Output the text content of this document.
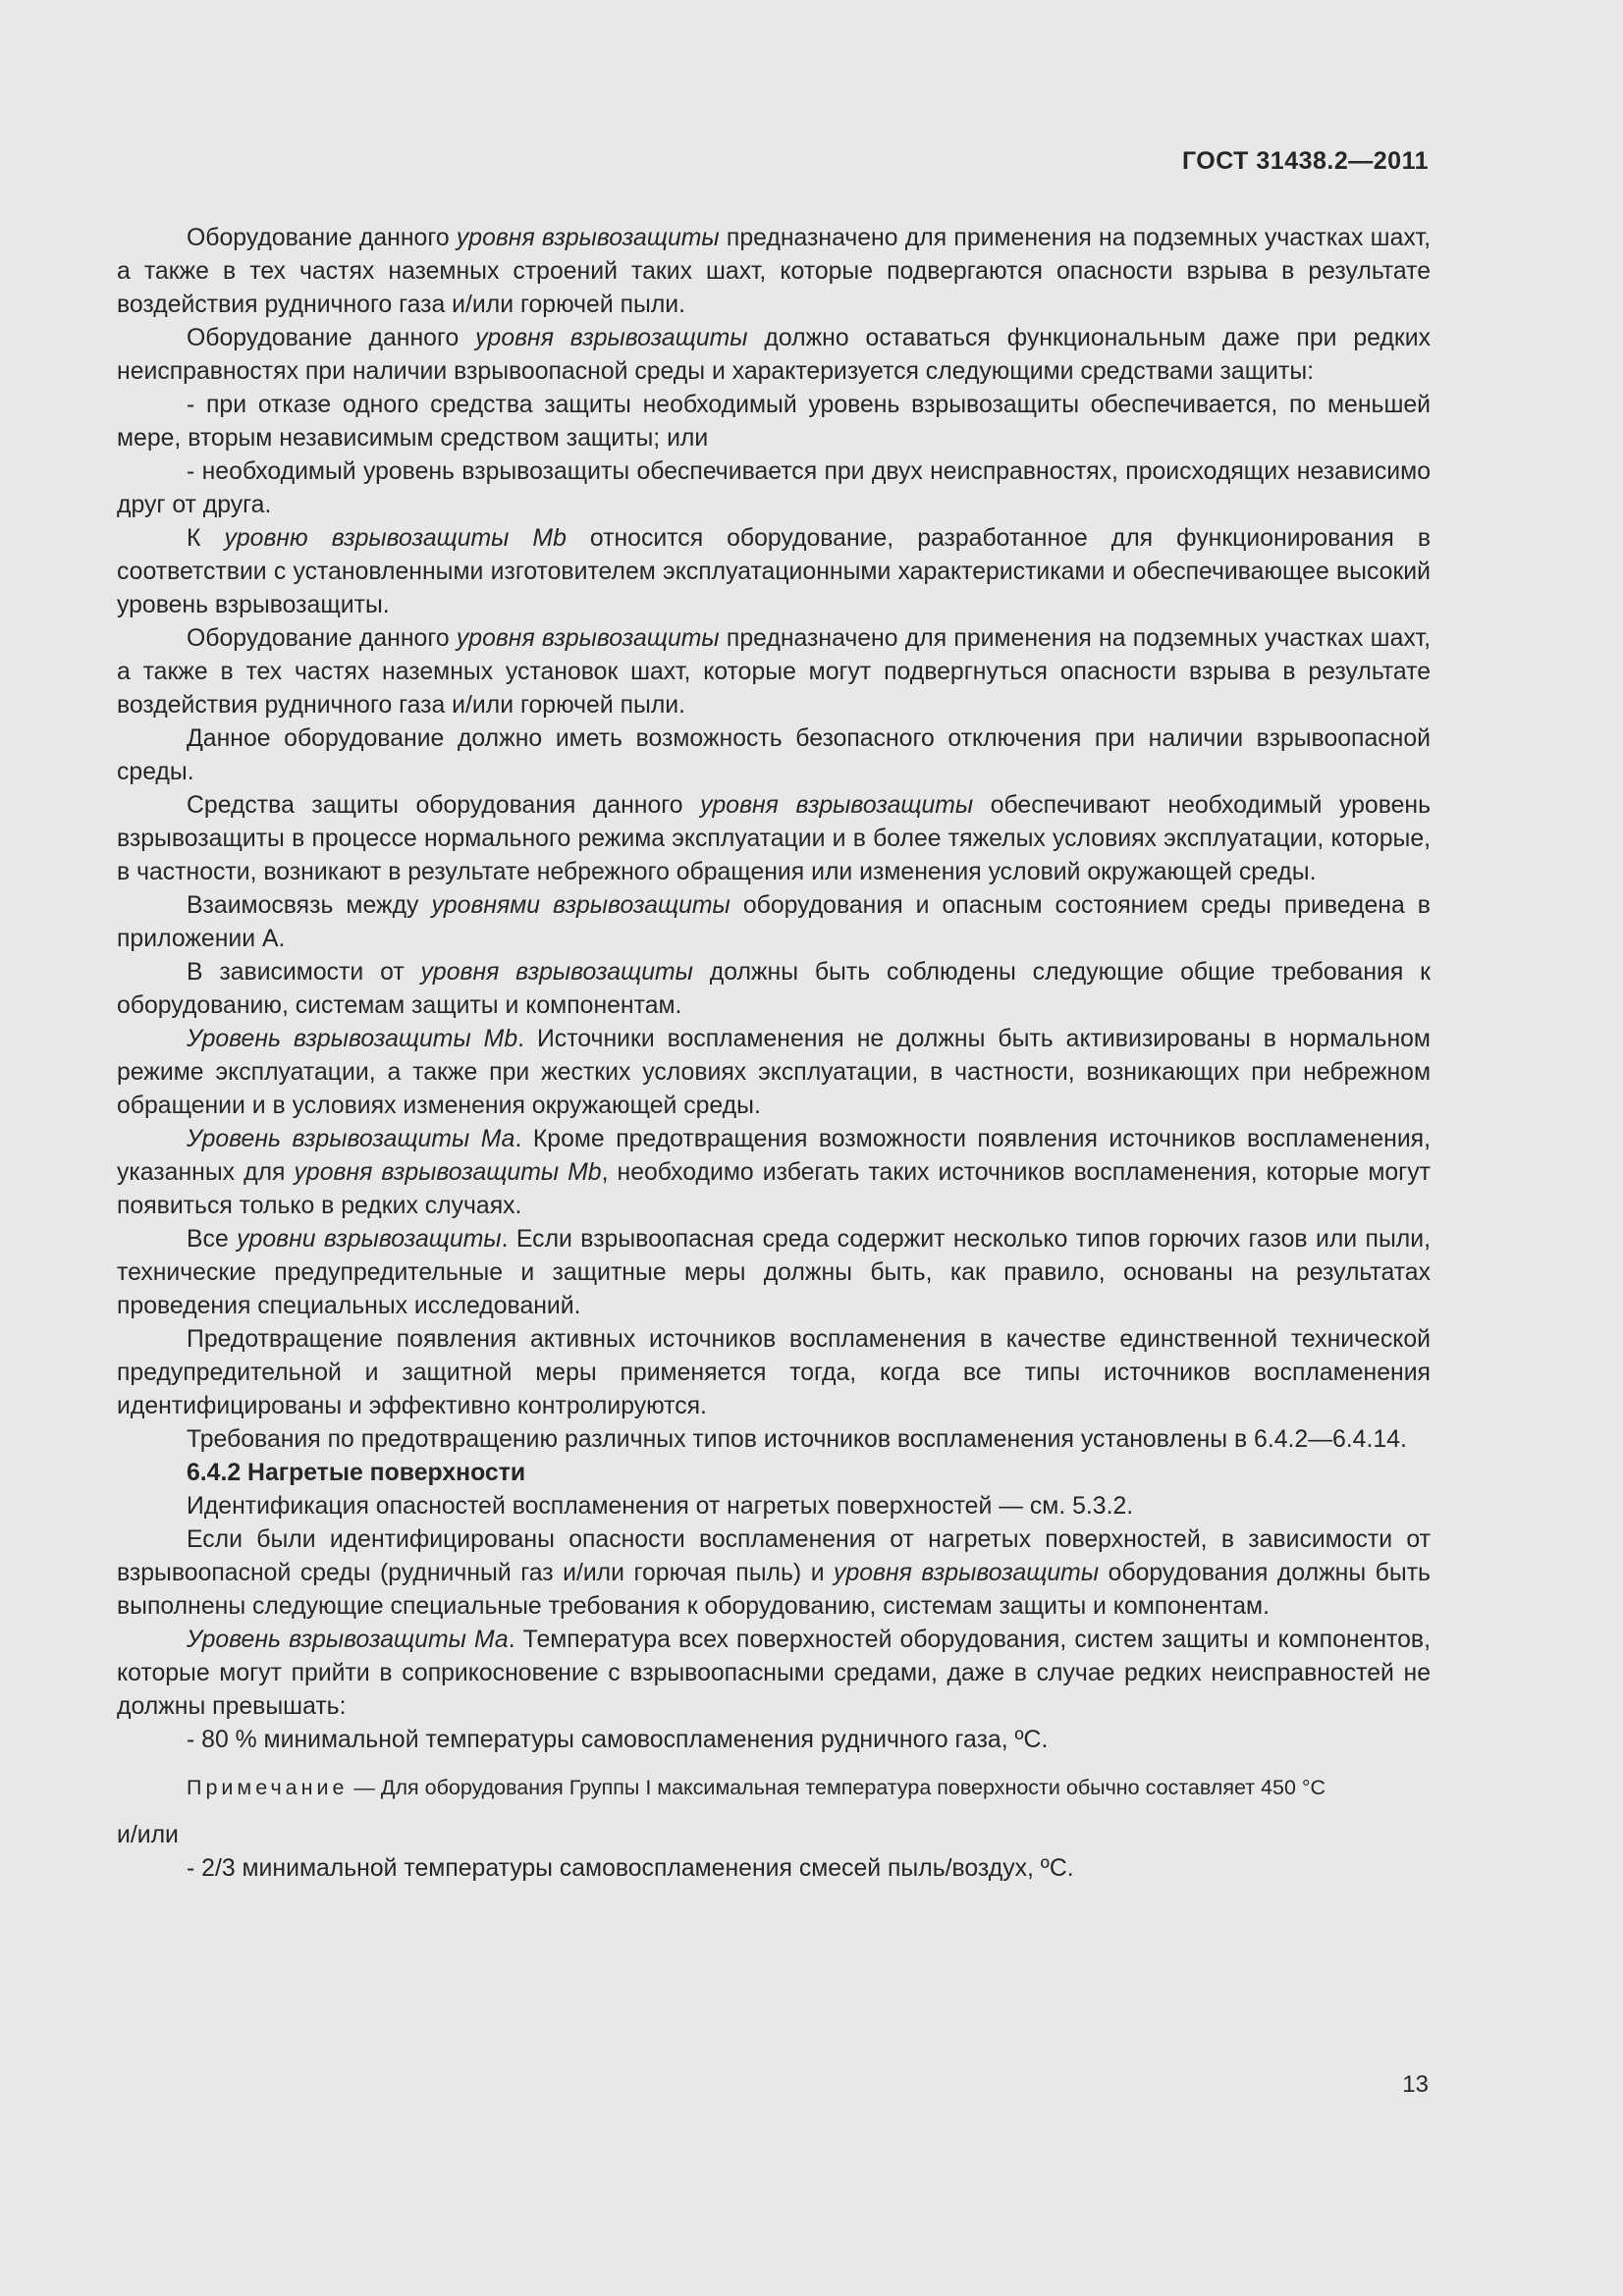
ГОСТ 31438.2—2011

Оборудование данного уровня взрывозащиты предназначено для применения на подземных участках шахт, а также в тех частях наземных строений таких шахт, которые подвергаются опасности взрыва в результате воздействия рудничного газа и/или горючей пыли.

Оборудование данного уровня взрывозащиты должно оставаться функциональным даже при редких неисправностях при наличии взрывоопасной среды и характеризуется следующими средствами защиты:

- при отказе одного средства защиты необходимый уровень взрывозащиты обеспечивается, по меньшей мере, вторым независимым средством защиты; или

- необходимый уровень взрывозащиты обеспечивается при двух неисправностях, происходящих независимо друг от друга.

К уровню взрывозащиты Mb относится оборудование, разработанное для функционирования в соответствии с установленными изготовителем эксплуатационными характеристиками и обеспечивающее высокий уровень взрывозащиты.

Оборудование данного уровня взрывозащиты предназначено для применения на подземных участках шахт, а также в тех частях наземных установок шахт, которые могут подвергнуться опасности взрыва в результате воздействия рудничного газа и/или горючей пыли.

Данное оборудование должно иметь возможность безопасного отключения при наличии взрывоопасной среды.

Средства защиты оборудования данного уровня взрывозащиты обеспечивают необходимый уровень взрывозащиты в процессе нормального режима эксплуатации и в более тяжелых условиях эксплуатации, которые, в частности, возникают в результате небрежного обращения или изменения условий окружающей среды.

Взаимосвязь между уровнями взрывозащиты оборудования и опасным состоянием среды приведена в приложении А.

В зависимости от уровня взрывозащиты должны быть соблюдены следующие общие требования к оборудованию, системам защиты и компонентам.

Уровень взрывозащиты Mb. Источники воспламенения не должны быть активизированы в нормальном режиме эксплуатации, а также при жестких условиях эксплуатации, в частности, возникающих при небрежном обращении и в условиях изменения окружающей среды.

Уровень взрывозащиты Ма. Кроме предотвращения возможности появления источников воспламенения, указанных для уровня взрывозащиты Mb, необходимо избегать таких источников воспламенения, которые могут появиться только в редких случаях.

Все уровни взрывозащиты. Если взрывоопасная среда содержит несколько типов горючих газов или пыли, технические предупредительные и защитные меры должны быть, как правило, основаны на результатах проведения специальных исследований.

Предотвращение появления активных источников воспламенения в качестве единственной технической предупредительной и защитной меры применяется тогда, когда все типы источников воспламенения идентифицированы и эффективно контролируются.

Требования по предотвращению различных типов источников воспламенения установлены в 6.4.2—6.4.14.

6.4.2 Нагретые поверхности

Идентификация опасностей воспламенения от нагретых поверхностей — см. 5.3.2.

Если были идентифицированы опасности воспламенения от нагретых поверхностей, в зависимости от взрывоопасной среды (рудничный газ и/или горючая пыль) и уровня взрывозащиты оборудования должны быть выполнены следующие специальные требования к оборудованию, системам защиты и компонентам.

Уровень взрывозащиты Ма. Температура всех поверхностей оборудования, систем защиты и компонентов, которые могут прийти в соприкосновение с взрывоопасными средами, даже в случае редких неисправностей не должны превышать:

- 80 % минимальной температуры самовоспламенения рудничного газа, ºС.

Примечание — Для оборудования Группы I максимальная температура поверхности обычно составляет 450 °С

и/или

- 2/3 минимальной температуры самовоспламенения смесей пыль/воздух, ºС.

13
